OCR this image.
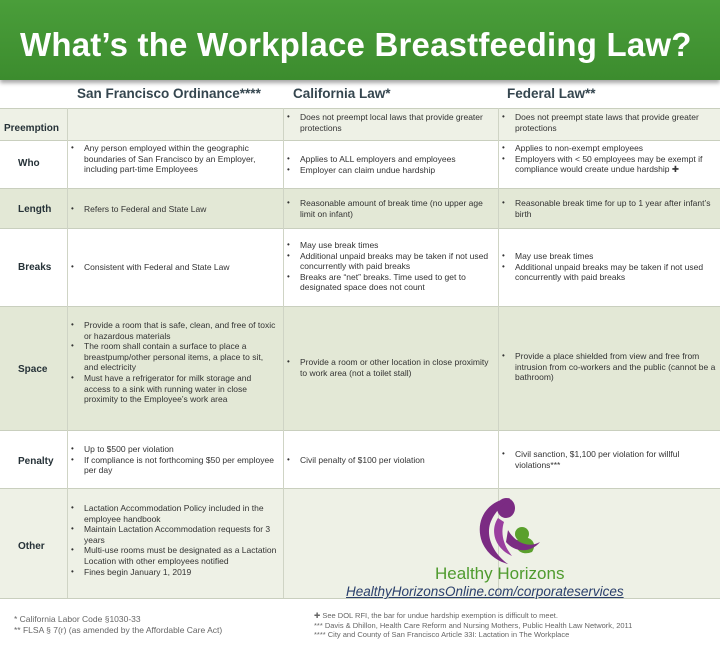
What’s the Workplace Breastfeeding Law?
San Francisco Ordinance**** California Law*	Federal Law**
Preemption
Who
Length
Breaks
Space
Penalty
Other
• Does not preempt local laws that provide greater protections
• Does not preempt state laws that provide greater protections
• Any person employed within the geographic boundaries of San Francisco by an Employer, including part-time Employees
• Applies to ALL employers and employees
• Employer can claim undue hardship
• Applies to non-exempt employees
• Employers with < 50 employees may be exempt if compliance would create undue hardship ✚
• Refers to Federal and State Law
• Reasonable amount of break time (no upper age limit on infant)
• Reasonable break time for up to 1 year after infant’s birth
• Consistent with Federal and State Law
• May use break times
• Additional unpaid breaks may be taken if not used concurrently with paid breaks
• Breaks are “net” breaks. Time used to get to designated space does not count
• May use break times
• Additional unpaid breaks may be taken if not used concurrently with paid breaks
• Provide a room that is safe, clean, and free of toxic or hazardous materials
• The room shall contain a surface to place a breastpump/other personal items, a place to sit, and electricity
• Must have a refrigerator for milk storage and access to a sink with running water in close proximity to the Employee’s work area
• Provide a room or other location in close proximity to work area (not a toilet stall)
• Provide a place shielded from view and free from intrusion from co-workers and the public (cannot be a bathroom)
• Up to $500 per violation
• If compliance is not forthcoming $50 per employee per day
• Civil penalty of $100 per violation
• Civil sanction, $1,100 per violation for willful violations***
• Lactation Accommodation Policy included in the employee handbook
• Maintain Lactation Accommodation requests for 3 years
• Multi-use rooms must be designated as a Lactation Location with other employees notified
• Fines begin January 1, 2019	Healthy Horizons
HealthyHorizonsOnline.com/corporateservices
* California Labor Code §1030-33
** FLSA § 7(r) (as amended by the Affordable Care Act)
✚ See DOL RFI, the bar for undue hardship exemption is difficult to meet.
*** Davis & Dhillon, Health Care Reform and Nursing Mothers, Public Health Law Network, 2011
**** City and County of San Francisco Article 33I: Lactation in The Workplace
